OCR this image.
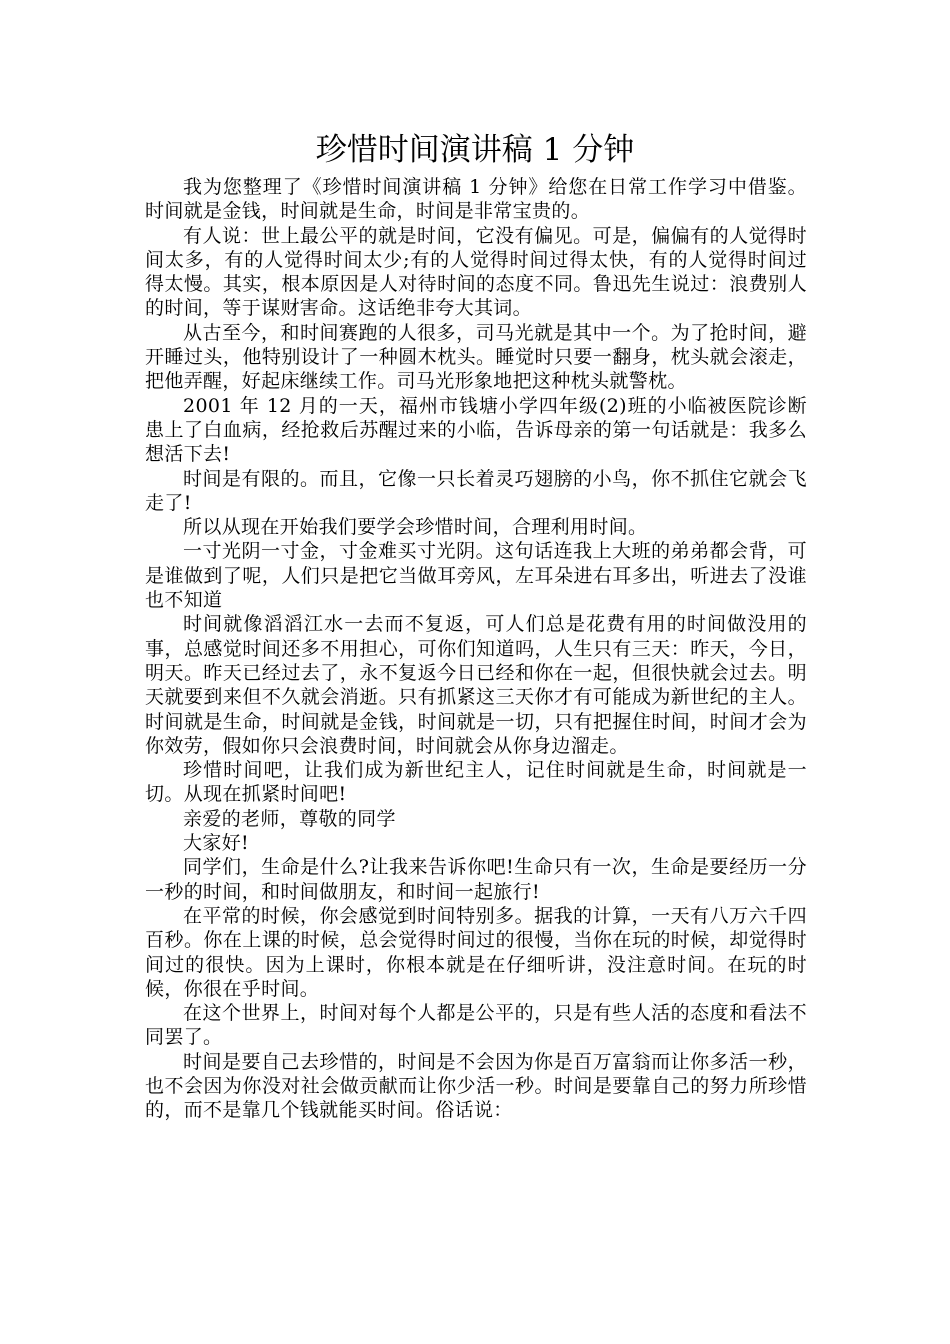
珍惜时间演讲稿 1 分钟

我为您整理了《珍惜时间演讲稿 1 分钟》给您在日常工作学习中借鉴。时间就是金钱，时间就是生命，时间是非常宝贵的。

有人说：世上最公平的就是时间，它没有偏见。可是，偏偏有的人觉得时间太多，有的人觉得时间太少;有的人觉得时间过得太快，有的人觉得时间过得太慢。其实，根本原因是人对待时间的态度不同。鲁迅先生说过：浪费别人的时间，等于谋财害命。这话绝非夸大其词。

从古至今，和时间赛跑的人很多，司马光就是其中一个。为了抢时间，避开睡过头，他特别设计了一种圆木枕头。睡觉时只要一翻身，枕头就会滚走，把他弄醒，好起床继续工作。司马光形象地把这种枕头就警枕。

2001 年 12 月的一天，福州市钱塘小学四年级(2)班的小临被医院诊断患上了白血病，经抢救后苏醒过来的小临，告诉母亲的第一句话就是：我多么想活下去!

时间是有限的。而且，它像一只长着灵巧翅膀的小鸟，你不抓住它就会飞走了!

所以从现在开始我们要学会珍惜时间，合理利用时间。

一寸光阴一寸金，寸金难买寸光阴。这句话连我上大班的弟弟都会背，可是谁做到了呢，人们只是把它当做耳旁风，左耳朵进右耳多出，听进去了没谁也不知道

时间就像滔滔江水一去而不复返，可人们总是花费有用的时间做没用的事，总感觉时间还多不用担心，可你们知道吗，人生只有三天：昨天，今日，明天。昨天已经过去了，永不复返今日已经和你在一起，但很快就会过去。明天就要到来但不久就会消逝。只有抓紧这三天你才有可能成为新世纪的主人。时间就是生命，时间就是金钱，时间就是一切，只有把握住时间，时间才会为你效劳，假如你只会浪费时间，时间就会从你身边溜走。

珍惜时间吧，让我们成为新世纪主人，记住时间就是生命，时间就是一切。从现在抓紧时间吧!

亲爱的老师，尊敬的同学

大家好!

同学们，生命是什么?让我来告诉你吧!生命只有一次，生命是要经历一分一秒的时间，和时间做朋友，和时间一起旅行!

在平常的时候，你会感觉到时间特别多。据我的计算，一天有八万六千四百秒。你在上课的时候，总会觉得时间过的很慢，当你在玩的时候，却觉得时间过的很快。因为上课时，你根本就是在仔细听讲，没注意时间。在玩的时候，你很在乎时间。

在这个世界上，时间对每个人都是公平的，只是有些人活的态度和看法不同罢了。

时间是要自己去珍惜的，时间是不会因为你是百万富翁而让你多活一秒，也不会因为你没对社会做贡献而让你少活一秒。时间是要靠自己的努力所珍惜的，而不是靠几个钱就能买时间。俗话说：
